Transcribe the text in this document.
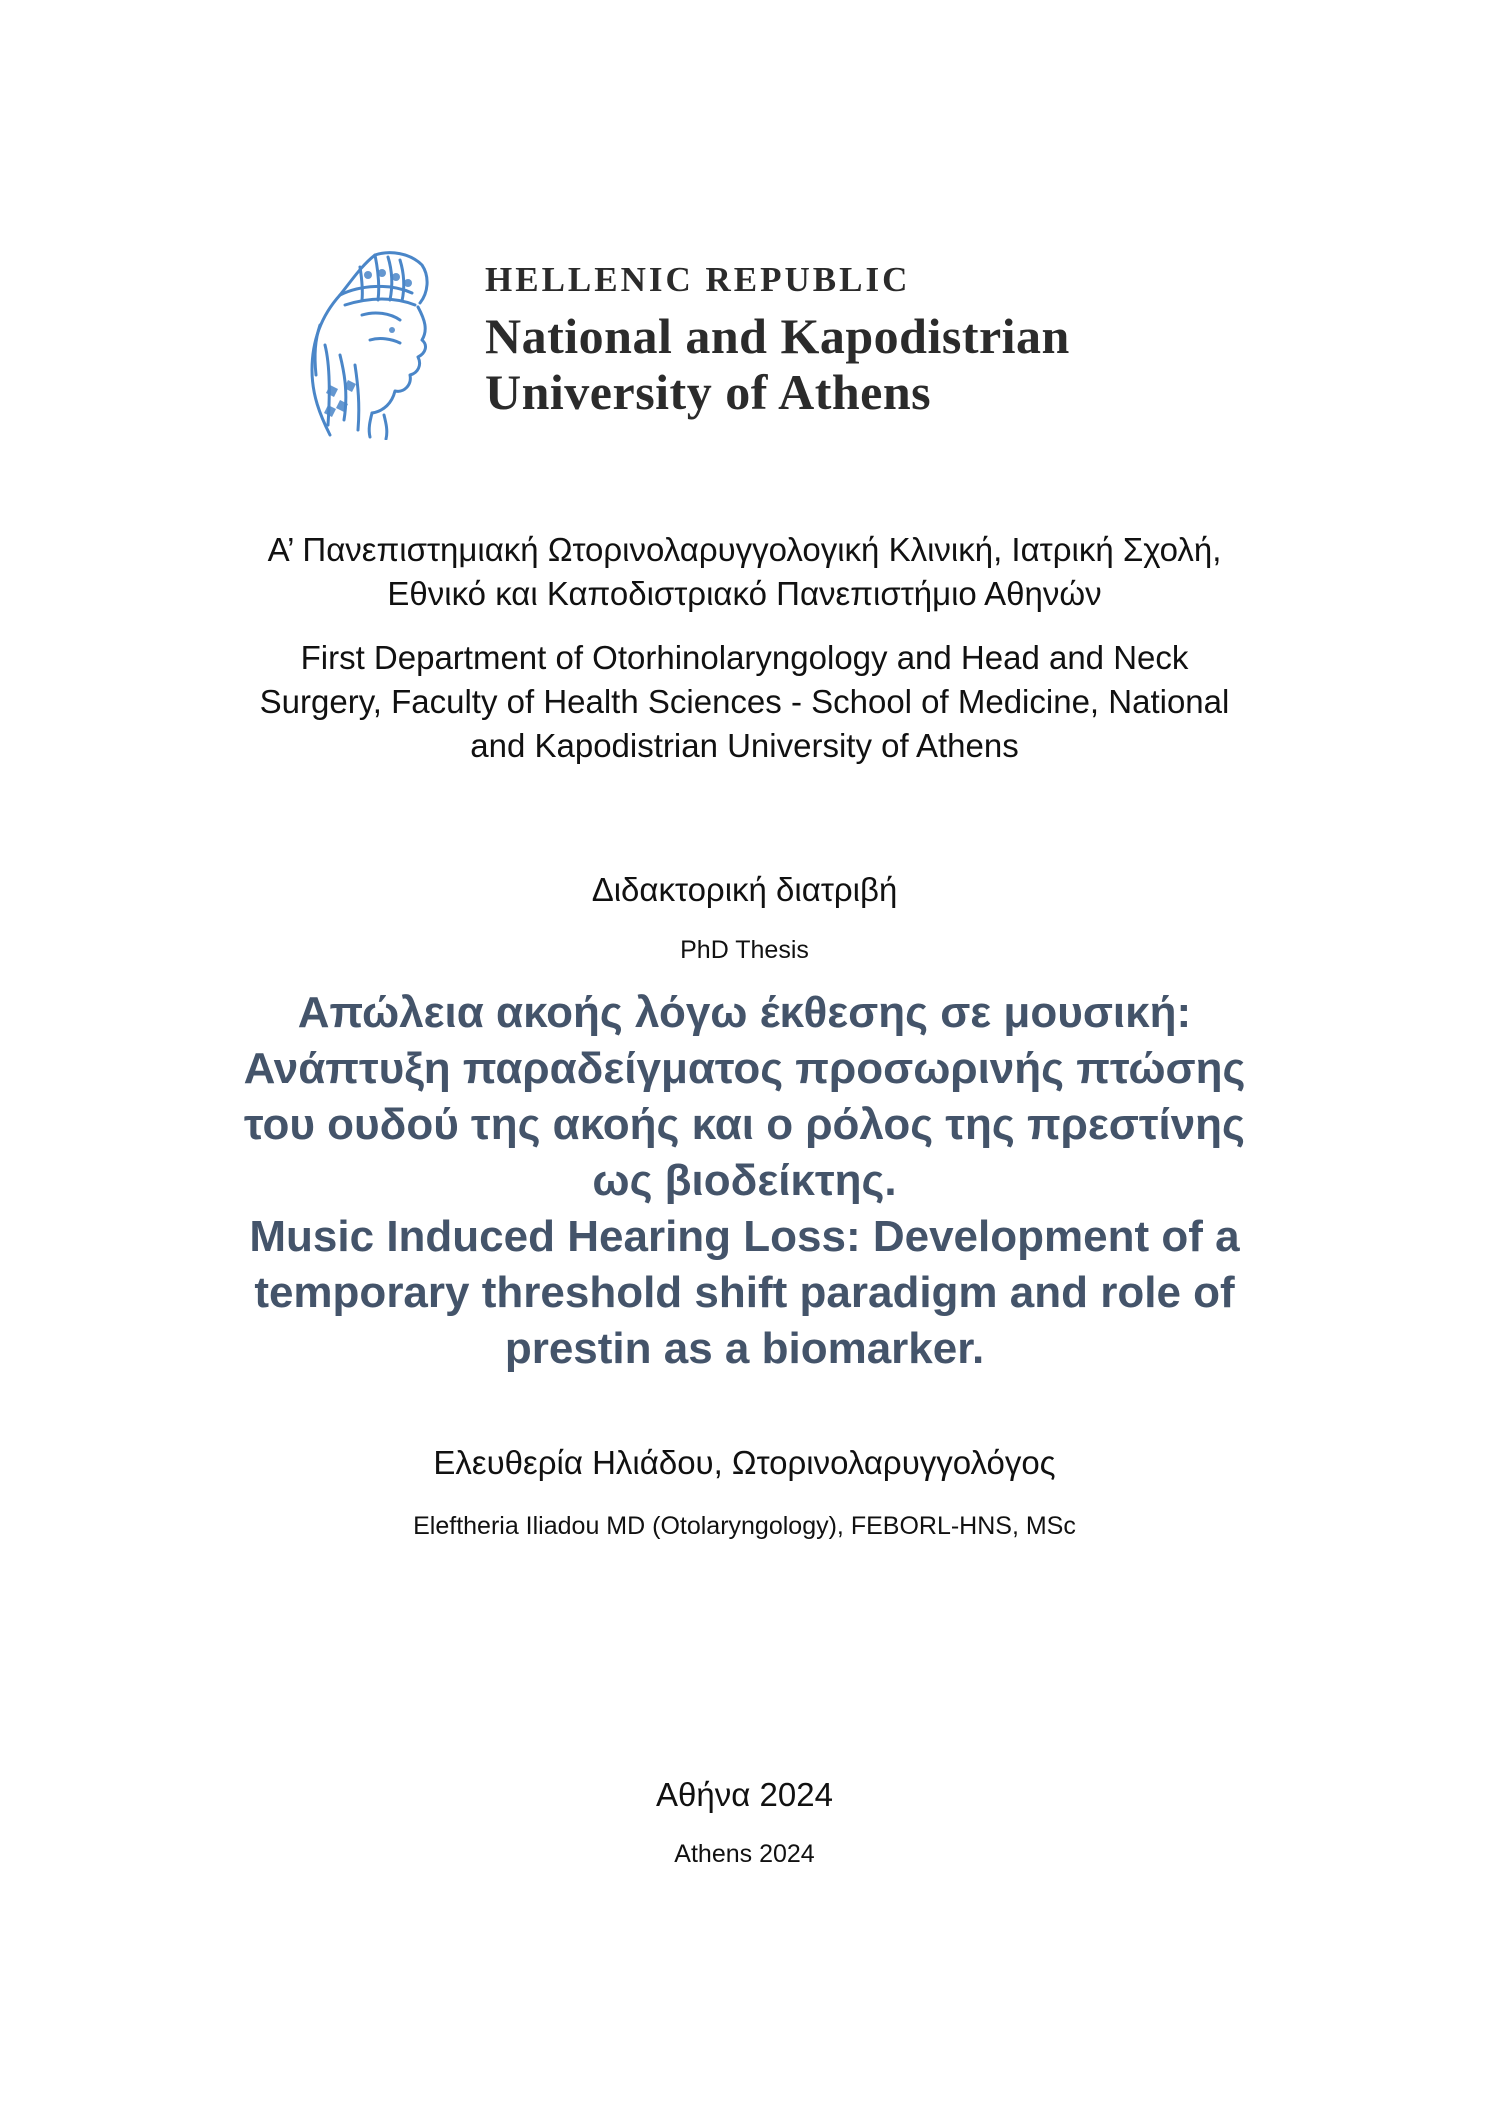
HELLENIC REPUBLIC
National and Kapodistrian
University of Athens
Α’ Πανεπιστημιακή Ωτορινολαρυγγολογική Κλινική, Ιατρική Σχολή,
Εθνικό και Καποδιστριακό Πανεπιστήμιο Αθηνών
First Department of Otorhinolaryngology and Head and Neck
Surgery, Faculty of Health Sciences - School of Medicine, National
and Kapodistrian University of Athens
Διδακτορική διατριβή
PhD Thesis
Απώλεια ακοής λόγω έκθεσης σε μουσική:
Ανάπτυξη παραδείγματος προσωρινής πτώσης
του ουδού της ακοής και ο ρόλος της πρεστίνης
ως βιοδείκτης.
Music Induced Hearing Loss: Development of a
temporary threshold shift paradigm and role of
prestin as a biomarker.
Ελευθερία Ηλιάδου, Ωτορινολαρυγγολόγος
Eleftheria Iliadou MD (Otolaryngology), FEBORL-HNS, MSc
Αθήνα 2024
Athens 2024
